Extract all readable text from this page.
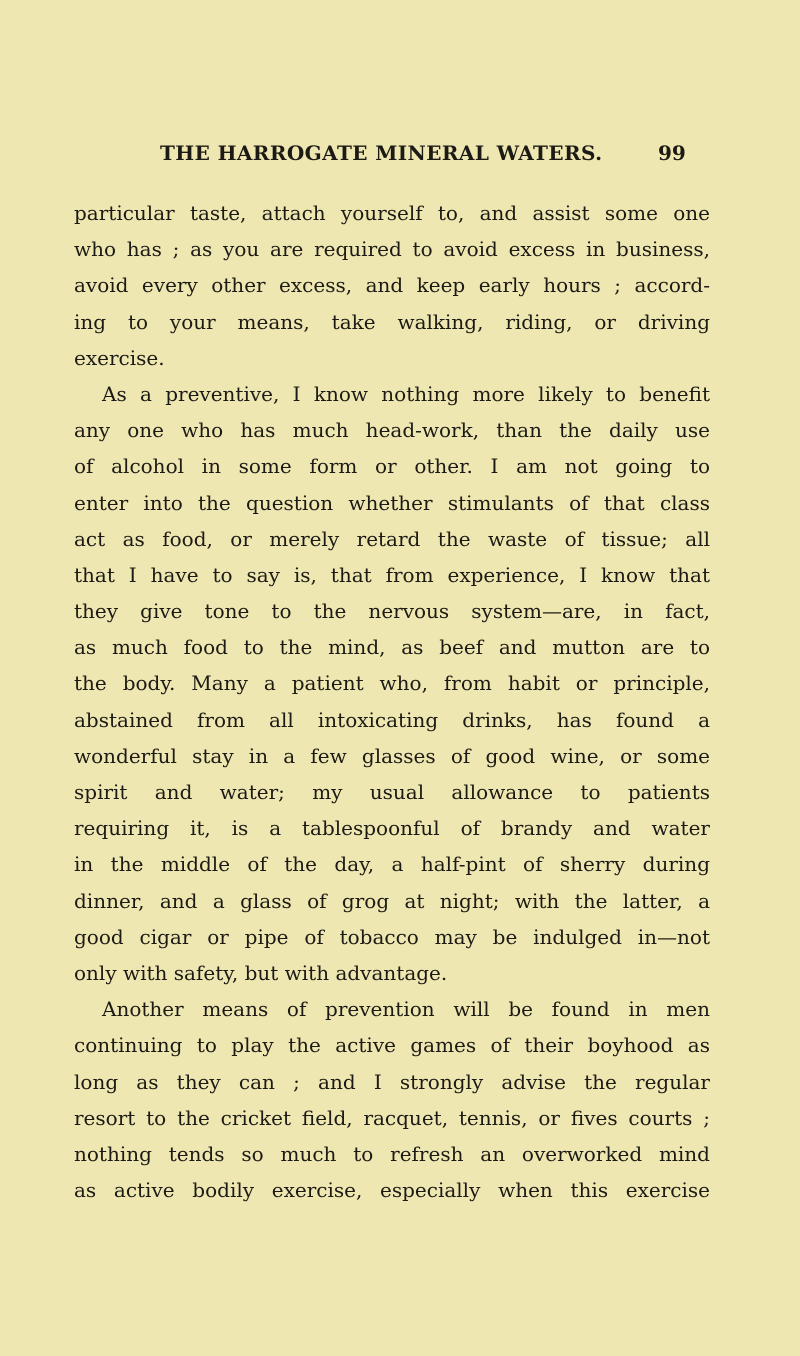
THE HARROGATE MINERAL WATERS.	99
particular taste, attach yourself to, and assist some one
who has ; as you are required to avoid excess in business,
avoid every other excess, and keep early hours ; accord-
ing to your means, take walking, riding, or driving
exercise.
As a preventive, I know nothing more likely to benefit
any one who has much head-work, than the daily use
of alcohol in some form or other. I am not going to
enter into the question whether stimulants of that class
act as food, or merely retard the waste of tissue; all
that I have to say is, that from experience, I know that
they give tone to the nervous system—are, in fact,
as much food to the mind, as beef and mutton are to
the body. Many a patient who, from habit or principle,
abstained from all intoxicating drinks, has found a
wonderful stay in a few glasses of good wine, or some
spirit and water; my usual allowance to patients
requiring it, is a tablespoonful of brandy and water
in the middle of the day, a half-pint of sherry during
dinner, and a glass of grog at night; with the latter, a
good cigar or pipe of tobacco may be indulged in—not
only with safety, but with advantage.
Another means of prevention will be found in men
continuing to play the active games of their boyhood as
long as they can ; and I strongly advise the regular
resort to the cricket field, racquet, tennis, or fives courts ;
nothing tends so much to refresh an overworked mind
as active bodily exercise, especially when this exercise
